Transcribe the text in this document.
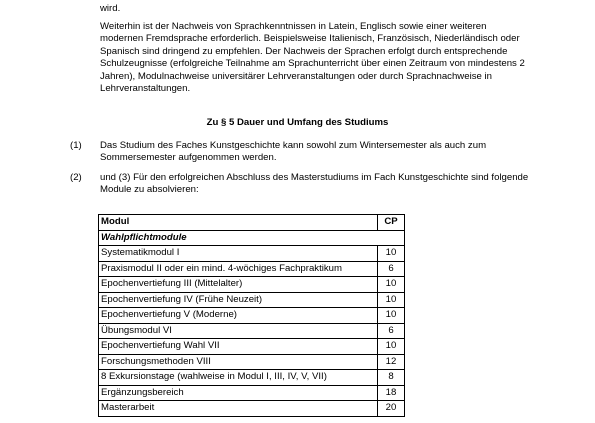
wird.

Weiterhin ist der Nachweis von Sprachkenntnissen in Latein, Englisch sowie einer weiteren modernen Fremdsprache erforderlich. Beispielsweise Italienisch, Französisch, Niederländisch oder Spanisch sind dringend zu empfehlen. Der Nachweis der Sprachen erfolgt durch entsprechende Schulzeugnisse (erfolgreiche Teilnahme am Sprachunterricht über einen Zeitraum von mindestens 2 Jahren), Modulnachweise universitärer Lehrveranstaltungen oder durch Sprachnachweise in Lehrveranstaltungen.

Zu § 5 Dauer und Umfang des Studiums

(1) Das Studium des Faches Kunstgeschichte kann sowohl zum Wintersemester als auch zum Sommersemester aufgenommen werden.

(2) und (3) Für den erfolgreichen Abschluss des Masterstudiums im Fach Kunstgeschichte sind folgende Module zu absolvieren:

Modul	CP
Wahlpflichtmodule	
Systematikmodul I	10
Praxismodul II oder ein mind. 4-wöchiges Fachpraktikum	6
Epochenvertiefung III (Mittelalter)	10
Epochenvertiefung IV (Frühe Neuzeit)	10
Epochenvertiefung V (Moderne)	10
Übungsmodul VI	6
Epochenvertiefung Wahl VII	10
Forschungsmethoden VIII	12
8 Exkursionstage (wahlweise in Modul I, III, IV, V, VII)	8
Ergänzungsbereich	18
Masterarbeit	20
